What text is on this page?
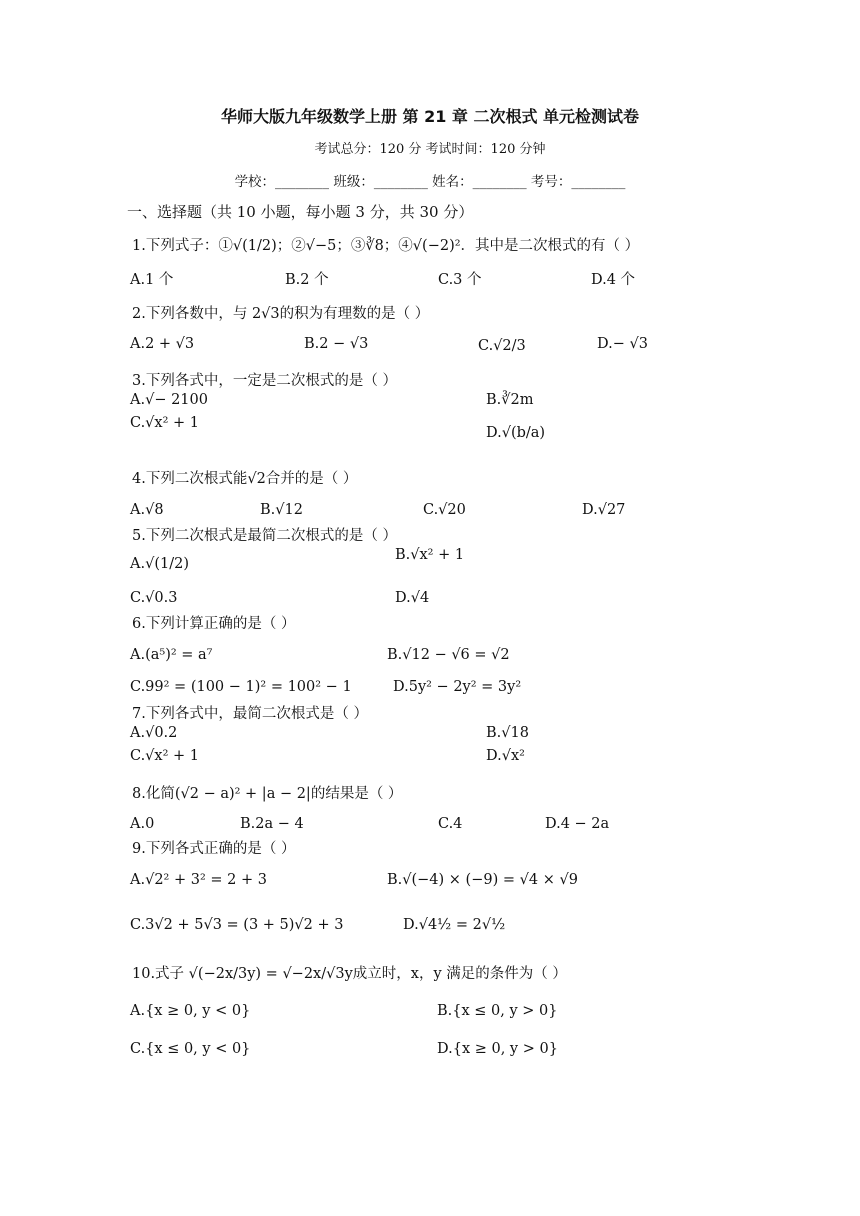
华师大版九年级数学上册 第 21 章 二次根式 单元检测试卷
考试总分：120 分 考试时间：120 分钟
学校：________ 班级：________ 姓名：________ 考号：________
一、选择题（共 10 小题，每小题 3 分，共 30 分）
1.下列式子：①√(1/2)；②√−5；③∛8；④√(−2)²．其中是二次根式的有（ ）
A.1 个	B.2 个	C.3 个	D.4 个
2.下列各数中，与 2√3的积为有理数的是（ ）
A.2 + √3	B.2 − √3	C.√2/3	D.− √3
3.下列各式中，一定是二次根式的是（ ）
A.√− 2100	B.∛2m
C.√x² + 1
D.√(b/a)
4.下列二次根式能√2合并的是（ ）
A.√8	B.√12	C.√20	D.√27
5.下列二次根式是最简二次根式的是（ ）
A.√(1/2)
B.√x² + 1
C.√0.3	D.√4
6.下列计算正确的是（ ）
A.(a⁵)² = a⁷	B.√12 − √6 = √2
C.99² = (100 − 1)² = 100² − 1	D.5y² − 2y² = 3y²
7.下列各式中，最简二次根式是（ ）
A.√0.2	B.√18
C.√x² + 1	D.√x²
8.化简(√2 − a)² + |a − 2|的结果是（ ）
A.0	B.2a − 4	C.4	D.4 − 2a
9.下列各式正确的是（ ）
A.√2² + 3² = 2 + 3	B.√(−4) × (−9) = √4 × √9
C.3√2 + 5√3 = (3 + 5)√2 + 3	D.√4½ = 2√½
10.式子 √(−2x/3y) = √−2x/√3y成立时，x，y 满足的条件为（ ）
A.{x ≥ 0, y < 0}	B.{x ≤ 0, y > 0}
C.{x ≤ 0, y < 0}	D.{x ≥ 0, y > 0}
